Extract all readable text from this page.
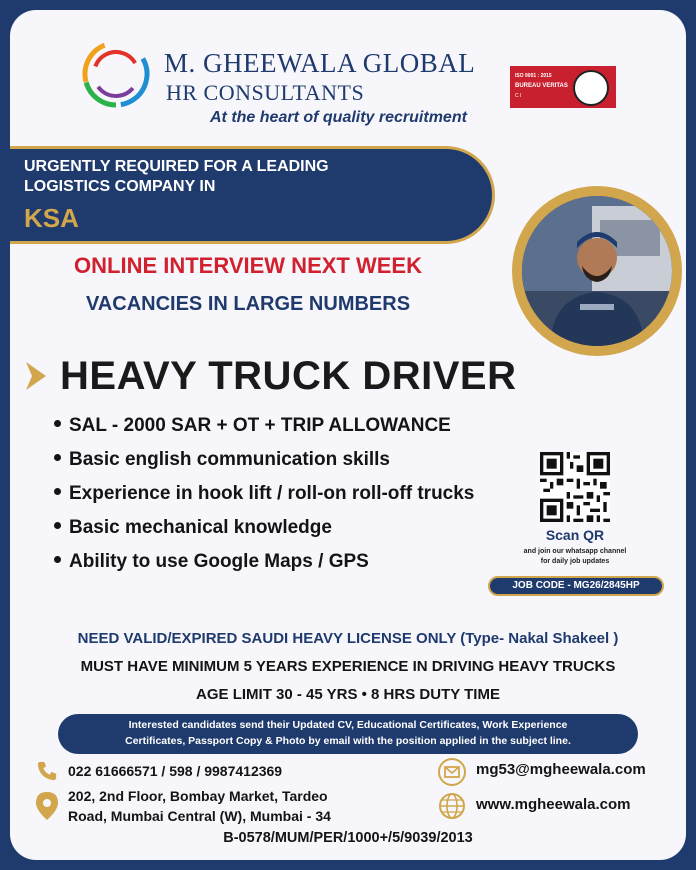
M. GHEEWALA GLOBAL
HR CONSULTANTS
At the heart of quality recruitment
ISO 9001 : 2015
BUREAU VERITAS
C I
URGENTLY REQUIRED FOR A LEADING
LOGISTICS COMPANY IN
KSA
ONLINE INTERVIEW NEXT WEEK
VACANCIES IN LARGE NUMBERS
HEAVY TRUCK DRIVER
SAL - 2000 SAR + OT + TRIP ALLOWANCE
Basic english communication skills
Experience in hook lift / roll-on roll-off trucks
Basic mechanical knowledge
Ability to use Google Maps / GPS
Scan QR
and join our whatsapp channel
for daily job updates
JOB CODE - MG26/2845HP
NEED VALID/EXPIRED SAUDI HEAVY LICENSE ONLY (Type- Nakal Shakeel )
MUST HAVE MINIMUM 5 YEARS EXPERIENCE IN DRIVING HEAVY TRUCKS
AGE LIMIT 30 - 45 YRS • 8 HRS DUTY TIME
Interested candidates send their Updated CV, Educational Certificates, Work Experience
Certificates, Passport Copy & Photo by email with the position applied in the subject line.
022 61666571 / 598 / 9987412369
202, 2nd Floor, Bombay Market, Tardeo
Road, Mumbai Central (W), Mumbai - 34
mg53@mgheewala.com
www.mgheewala.com
B-0578/MUM/PER/1000+/5/9039/2013
